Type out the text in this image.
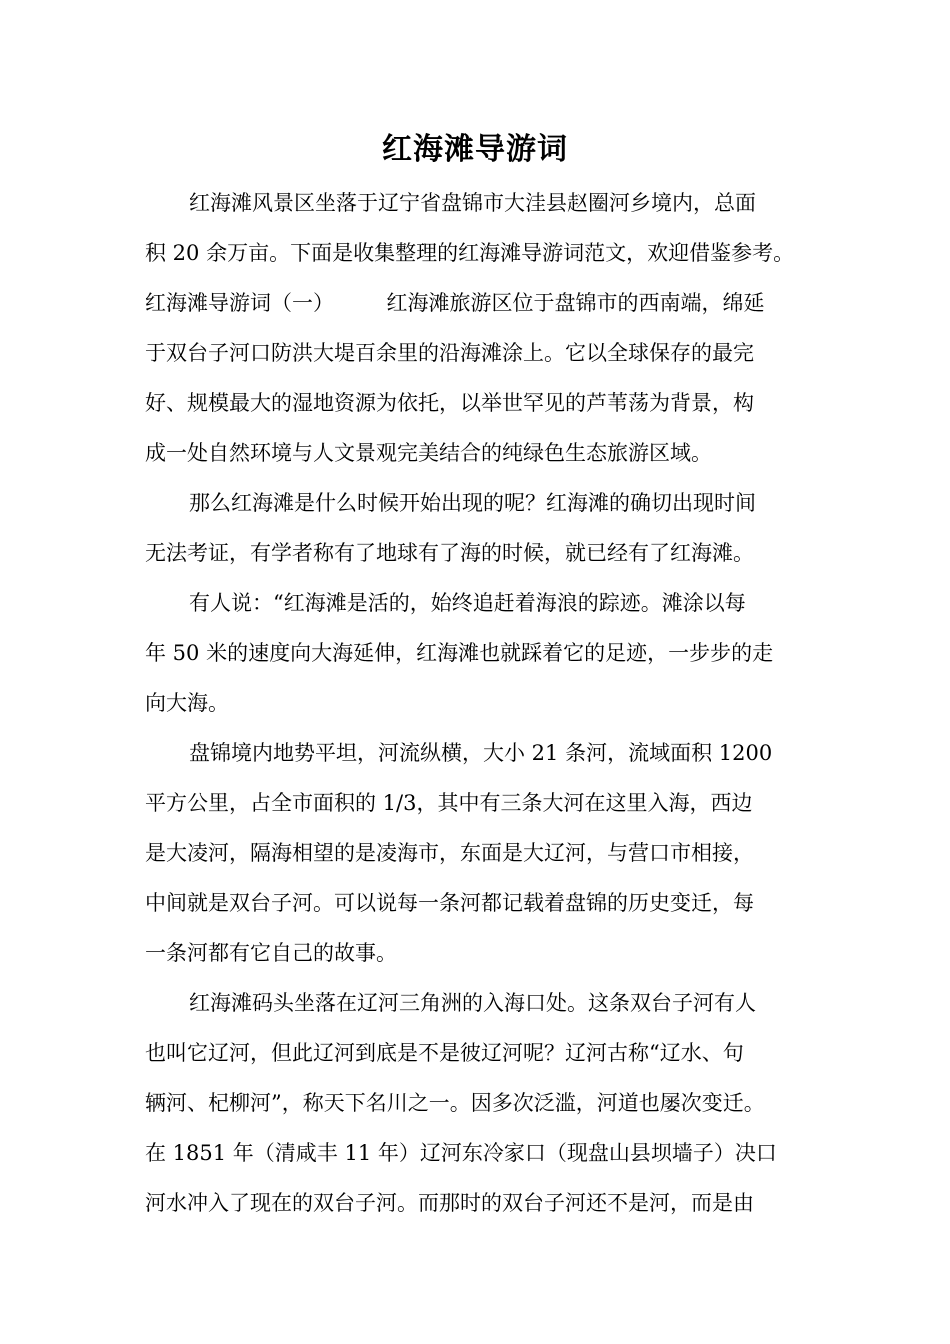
红海滩导游词
红海滩风景区坐落于辽宁省盘锦市大洼县赵圈河乡境内，总面
积 20 余万亩。下面是收集整理的红海滩导游词范文，欢迎借鉴参考。
红海滩导游词（一）　　　红海滩旅游区位于盘锦市的西南端，绵延
于双台子河口防洪大堤百余里的沿海滩涂上。它以全球保存的最完
好、规模最大的湿地资源为依托，以举世罕见的芦苇荡为背景，构
成一处自然环境与人文景观完美结合的纯绿色生态旅游区域。
那么红海滩是什么时候开始出现的呢？红海滩的确切出现时间
无法考证，有学者称有了地球有了海的时候，就已经有了红海滩。
有人说：“红海滩是活的，始终追赶着海浪的踪迹。滩涂以每
年 50 米的速度向大海延伸，红海滩也就踩着它的足迹，一步步的走
向大海。
盘锦境内地势平坦，河流纵横，大小 21 条河，流域面积 1200
平方公里，占全市面积的 1/3，其中有三条大河在这里入海，西边
是大凌河，隔海相望的是凌海市，东面是大辽河，与营口市相接，
中间就是双台子河。可以说每一条河都记载着盘锦的历史变迁，每
一条河都有它自己的故事。
红海滩码头坐落在辽河三角洲的入海口处。这条双台子河有人
也叫它辽河，但此辽河到底是不是彼辽河呢？辽河古称“辽水、句
辆河、杞柳河”，称天下名川之一。因多次泛滥，河道也屡次变迁。
在 1851 年（清咸丰 11 年）辽河东冷家口（现盘山县坝墙子）决口
河水冲入了现在的双台子河。而那时的双台子河还不是河，而是由
